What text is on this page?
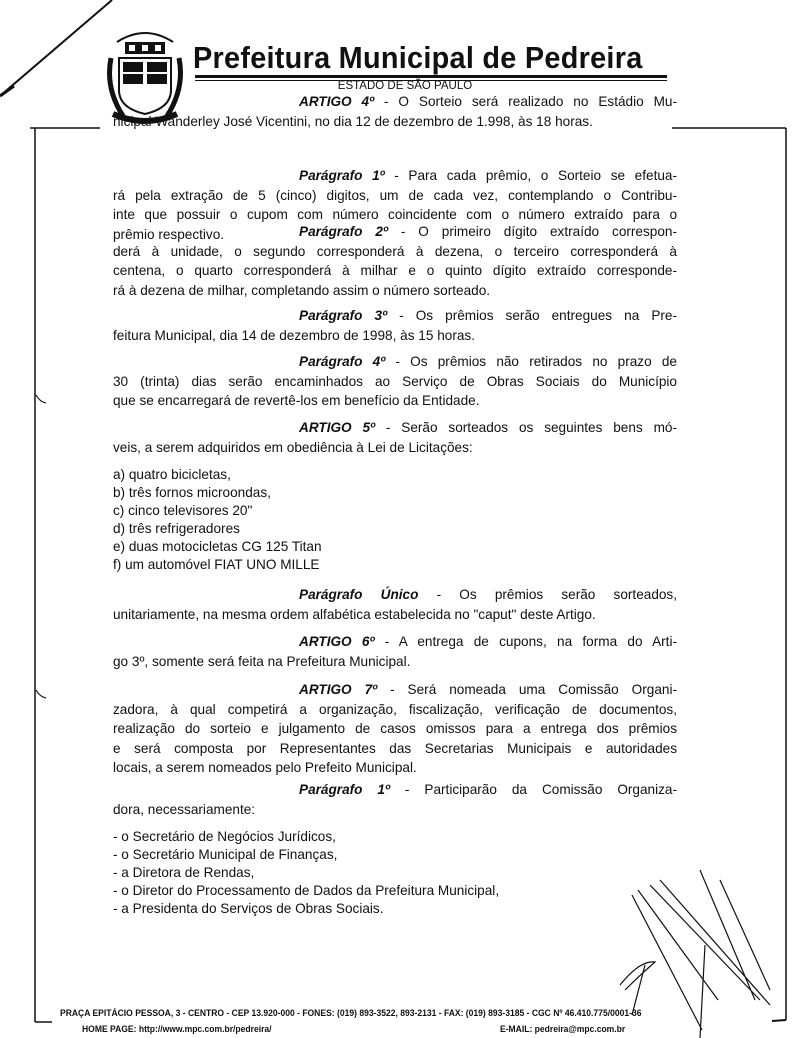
Prefeitura Municipal de Pedreira
ESTADO DE SÃO PAULO
ARTIGO 4º - O Sorteio será realizado no Estádio Mu-
nicipal Wanderley José Vicentini, no dia 12 de dezembro de 1.998, às 18 horas.
Parágrafo 1º - Para cada prêmio, o Sorteio se efetua-
rá pela extração de 5 (cinco) digitos, um de cada vez, contemplando o Contribu-
inte que possuir o cupom com número coincidente com o número extraído para o
prêmio respectivo.	Parágrafo 2º - O primeiro dígito extraído correspon-
derá à unidade, o segundo corresponderá à dezena, o terceiro corresponderá à
centena, o quarto corresponderá à milhar e o quinto dígito extraído corresponde-
rá à dezena de milhar, completando assim o número sorteado.
Parágrafo 3º - Os prêmios serão entregues na Pre-
feitura Municipal, dia 14 de dezembro de 1998, às 15 horas.
Parágrafo 4º - Os prêmios não retirados no prazo de
30 (trinta) dias serão encaminhados ao Serviço de Obras Sociais do Município
que se encarregará de revertê-los em benefício da Entidade.
ARTIGO 5º - Serão sorteados os seguintes bens mó-
veis, a serem adquiridos em obediência à Lei de Licitações:
Parágrafo Único - Os prêmios serão sorteados,
unitariamente, na mesma ordem alfabética estabelecida no "caput" deste Artigo.
ARTIGO 6º - A entrega de cupons, na forma do Arti-
go 3º, somente será feita na Prefeitura Municipal.
ARTIGO 7º - Será nomeada uma Comissão Organi-
zadora, à qual competirá a organização, fiscalização, verificação de documentos,
realização do sorteio e julgamento de casos omissos para a entrega dos prêmios
e será composta por Representantes das Secretarias Municipais e autoridades
locais, a serem nomeados pelo Prefeito Municipal.
Parágrafo 1º - Participarão da Comissão Organiza-
dora, necessariamente:
a) quatro bicicletas,
b) três fornos microondas,
c) cinco televisores 20"
d) três refrigeradores
e) duas motocicletas CG 125 Titan
f) um automóvel FIAT UNO MILLE
- o Secretário de Negócios Jurídicos,
- o Secretário Municipal de Finanças,
- a Diretora de Rendas,
- o Diretor do Processamento de Dados da Prefeitura Municipal,
- a Presidenta do Serviços de Obras Sociais.
PRAÇA EPITÁCIO PESSOA, 3 - CENTRO - CEP 13.920-000 - FONES: (019) 893-3522, 893-2131 - FAX: (019) 893-3185 - CGC Nº 46.410.775/0001-36
HOME PAGE: http://www.mpc.com.br/pedreira/	E-MAIL: pedreira@mpc.com.br
